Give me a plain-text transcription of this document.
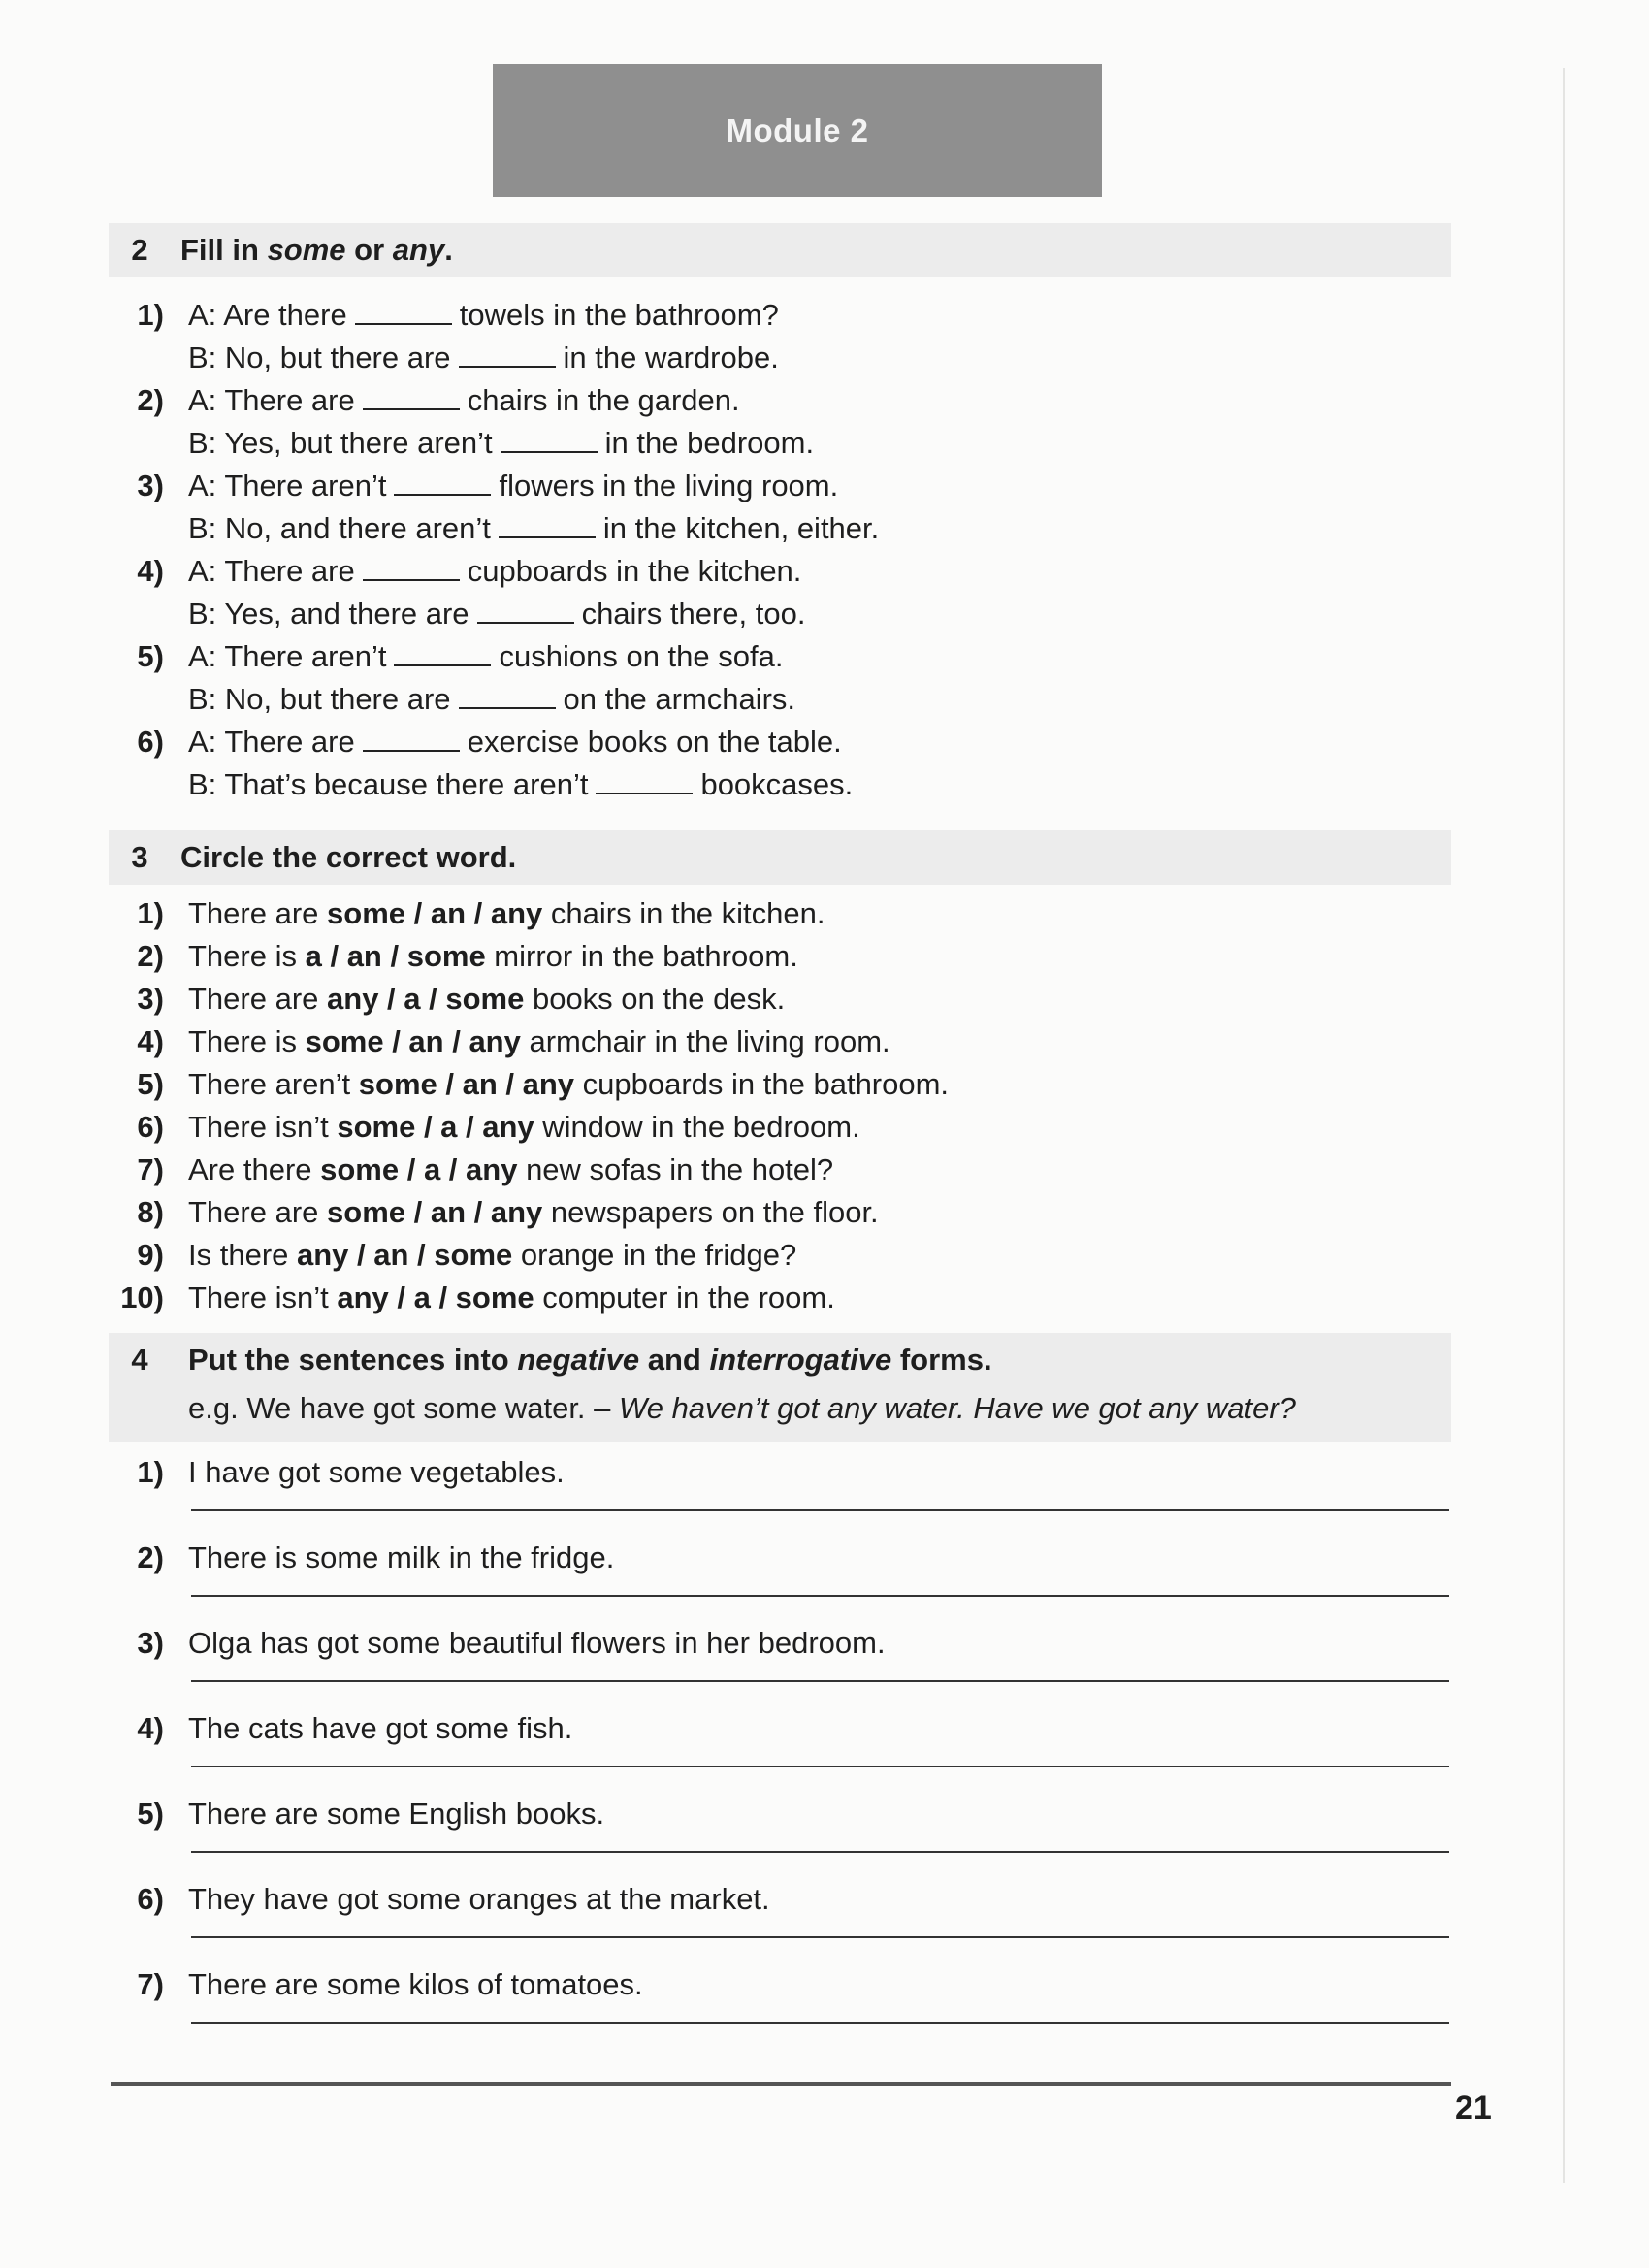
Module 2
2	Fill in some or any.
1) A: Are there	towels in the bathroom?
B: No, but there are	in the wardrobe.
2) A: There are	chairs in the garden.
B: Yes, but there aren’t	in the bedroom.
3) A: There aren’t	flowers in the living room.
B: No, and there aren’t	in the kitchen, either.
4) A: There are	cupboards in the kitchen.
B: Yes, and there are	chairs there, too.
5) A: There aren’t	cushions on the sofa.
B: No, but there are	on the armchairs.
6) A: There are	exercise books on the table.
B: That’s because there aren’t	bookcases.
3	Circle the correct word.
1) There are some / an / any chairs in the kitchen.
2) There is a / an / some mirror in the bathroom.
3) There are any / a / some books on the desk.
4) There is some / an / any armchair in the living room.
5) There aren’t some / an / any cupboards in the bathroom.
6) There isn’t some / a / any window in the bedroom.
7) Are there some / a / any new sofas in the hotel?
8) There are some / an / any newspapers on the floor.
9) Is there any / an / some orange in the fridge?
10) There isn’t any / a / some computer in the room.
4	Put the sentences into negative and interrogative forms.
e.g. We have got some water. – We haven’t got any water. Have we got any water?
1) I have got some vegetables.
2) There is some milk in the fridge.
3) Olga has got some beautiful flowers in her bedroom.
4) The cats have got some fish.
5) There are some English books.
6) They have got some oranges at the market.
7) There are some kilos of tomatoes.
21
